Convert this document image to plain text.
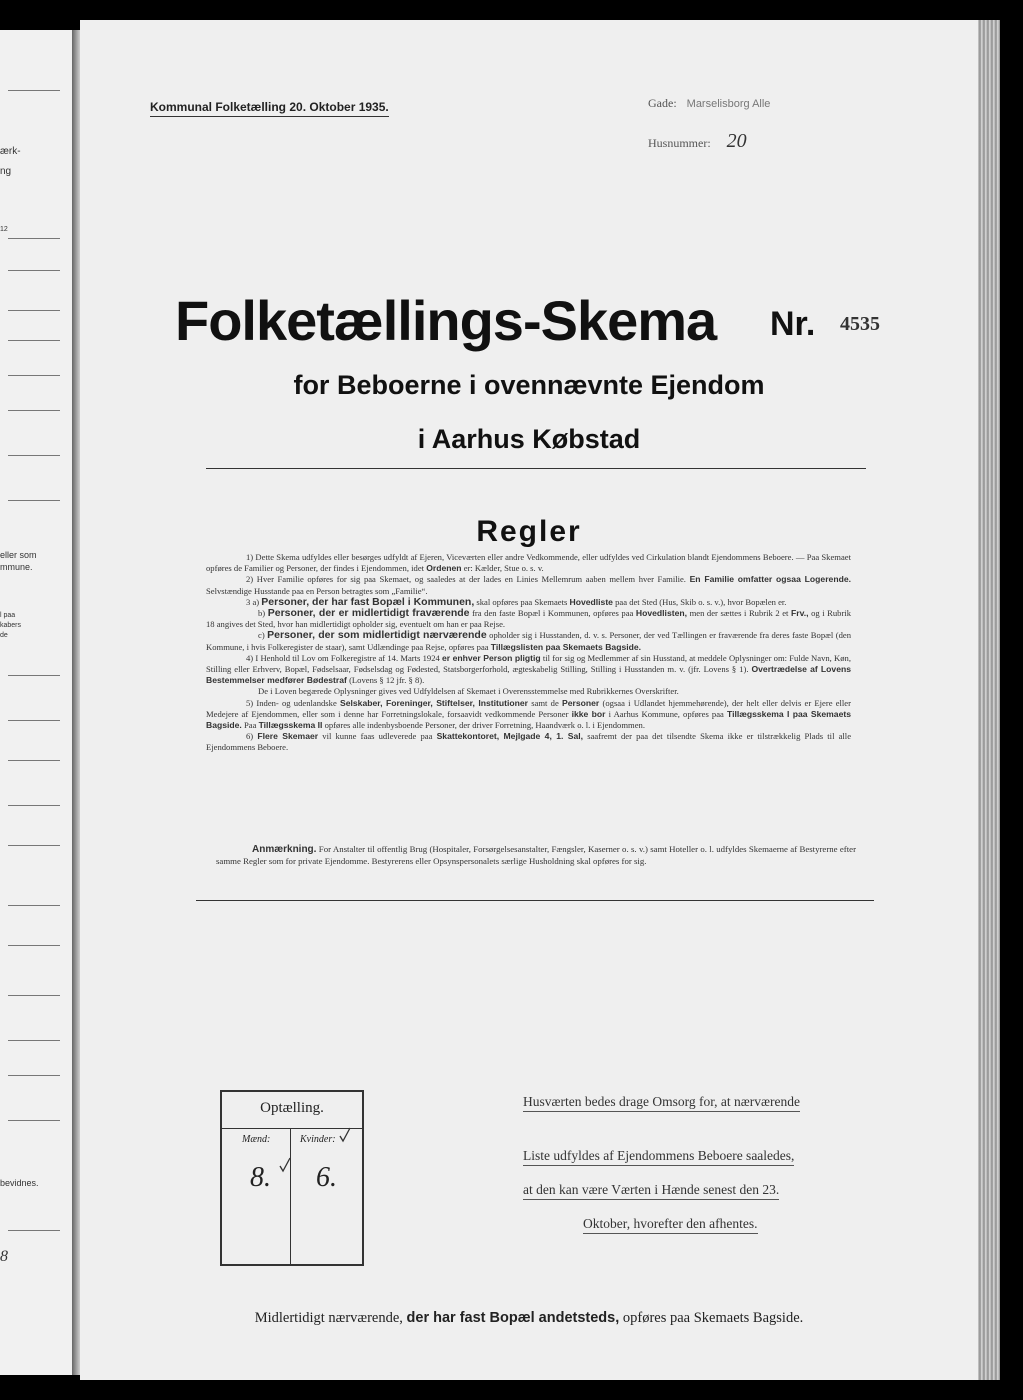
ærk-
ng
12
eller som
mmune.
l paa
kabers
de
bevidnes.
8
Kommunal Folketælling 20. Oktober 1935.	Gade: Marselisborg Alle
Husnummer: 20
Folketællings-Skema Nr. 4535
for Beboerne i ovennævnte Ejendom
i Aarhus Købstad
Regler

1) Dette Skema udfyldes eller besørges udfyldt af Ejeren, Viceværten eller andre Vedkommende, eller udfyldes ved Cirkulation blandt Ejendommens Beboere. — Paa Skemaet opføres de Familier og Personer, der findes i Ejendommen, idet Ordenen er: Kælder, Stue o. s. v.

2) Hver Familie opføres for sig paa Skemaet, og saaledes at der lades en Linies Mellemrum aaben mellem hver Familie. En Familie omfatter ogsaa Logerende. Selvstændige Husstande paa en Person betragtes som „Familie“.

3 a) Personer, der har fast Bopæl i Kommunen, skal opføres paa Skemaets Hovedliste paa det Sted (Hus, Skib o. s. v.), hvor Bopælen er.

b) Personer, der er midlertidigt fraværende fra den faste Bopæl i Kommunen, opføres paa Hovedlisten, men der sættes i Rubrik 2 et Frv., og i Rubrik 18 angives det Sted, hvor han midlertidigt opholder sig, eventuelt om han er paa Rejse.

c) Personer, der som midlertidigt nærværende opholder sig i Husstanden, d. v. s. Personer, der ved Tællingen er fraværende fra deres faste Bopæl (den Kommune, i hvis Folkeregister de staar), samt Udlændinge paa Rejse, opføres paa Tillægslisten paa Skemaets Bagside.

4) I Henhold til Lov om Folkeregistre af 14. Marts 1924 er enhver Person pligtig til for sig og Medlemmer af sin Husstand, at meddele Oplysninger om: Fulde Navn, Køn, Stilling eller Erhverv, Bopæl, Fødselsaar, Fødselsdag og Fødested, Statsborgerforhold, ægteskabelig Stilling, Stilling i Husstanden m. v. (jfr. Lovens § 1). Overtrædelse af Lovens Bestemmelser medfører Bødestraf (Lovens § 12 jfr. § 8).

De i Loven begærede Oplysninger gives ved Udfyldelsen af Skemaet i Overensstemmelse med Rubrikkernes Overskrifter.

5) Inden- og udenlandske Selskaber, Foreninger, Stiftelser, Institutioner samt de Personer (ogsaa i Udlandet hjemmehørende), der helt eller delvis er Ejere eller Medejere af Ejendommen, eller som i denne har Forretningslokale, forsaavidt vedkommende Personer ikke bor i Aarhus Kommune, opføres paa Tillægsskema I paa Skemaets Bagside. Paa Tillægsskema II opføres alle indenbysboende Personer, der driver Forretning, Haandværk o. l. i Ejendommen.

6) Flere Skemaer vil kunne faas udleverede paa Skattekontoret, Mejlgade 4, 1. Sal, saafremt der paa det tilsendte Skema ikke er tilstrækkelig Plads til alle Ejendommens Beboere.

Anmærkning. For Anstalter til offentlig Brug (Hospitaler, Forsørgelsesanstalter, Fængsler, Kaserner o. s. v.) samt Hoteller o. l. udfyldes Skemaerne af Bestyrerne efter samme Regler som for private Ejendomme. Bestyrerens eller Opsynspersonalets særlige Husholdning skal opføres for sig.
Optælling.
Mænd:	Kvinder:
8. 6.
Husværten bedes drage Omsorg for, at nærværende
Liste udfyldes af Ejendommens Beboere saaledes,
at den kan være Værten i Hænde senest den 23.
Oktober, hvorefter den afhentes.
Midlertidigt nærværende, der har fast Bopæl andetsteds, opføres paa Skemaets Bagside.
